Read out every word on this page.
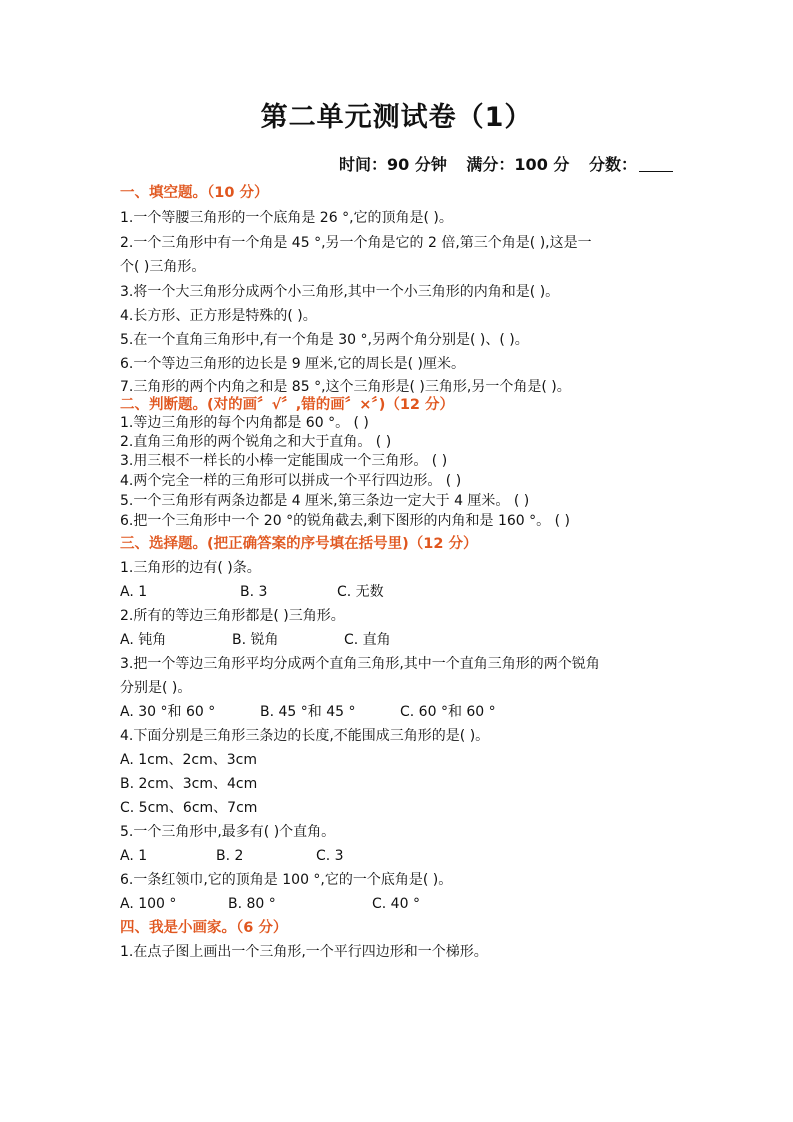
第二单元测试卷（1）
时间：90 分钟 满分：100 分 分数：
一、填空题。（10 分）
1.一个等腰三角形的一个底角是 26 °,它的顶角是( )。
2.一个三角形中有一个角是 45 °,另一个角是它的 2 倍,第三个角是( ),这是一
个( )三角形。
3.将一个大三角形分成两个小三角形,其中一个小三角形的内角和是( )。
4.长方形、正方形是特殊的( )。
5.在一个直角三角形中,有一个角是 30 °,另两个角分别是( )、( )。
6.一个等边三角形的边长是 9 厘米,它的周长是( )厘米。
7.三角形的两个内角之和是 85 °,这个三角形是( )三角形,另一个角是( )。
二、判断题。(对的画〞√〞,错的画〞×〞)（12 分）
1.等边三角形的每个内角都是 60 °。 ( )
2.直角三角形的两个锐角之和大于直角。 ( )
3.用三根不一样长的小棒一定能围成一个三角形。 ( )
4.两个完全一样的三角形可以拼成一个平行四边形。 ( )
5.一个三角形有两条边都是 4 厘米,第三条边一定大于 4 厘米。 ( )
6.把一个三角形中一个 20 °的锐角截去,剩下图形的内角和是 160 °。 ( )
三、选择题。(把正确答案的序号填在括号里)（12 分）
1.三角形的边有( )条。
A. 1	B. 3	C. 无数
2.所有的等边三角形都是( )三角形。
A. 钝角	B. 锐角	C. 直角
3.把一个等边三角形平均分成两个直角三角形,其中一个直角三角形的两个锐角
分别是( )。
A. 30 °和 60 °	B. 45 °和 45 °	C. 60 °和 60 °
4.下面分别是三角形三条边的长度,不能围成三角形的是( )。
A. 1cm、2cm、3cm
B. 2cm、3cm、4cm
C. 5cm、6cm、7cm
5.一个三角形中,最多有( )个直角。
A. 1	B. 2	C. 3
6.一条红领巾,它的顶角是 100 °,它的一个底角是( )。
A. 100 °	B. 80 °	C. 40 °
四、我是小画家。（6 分）
1.在点子图上画出一个三角形,一个平行四边形和一个梯形。
